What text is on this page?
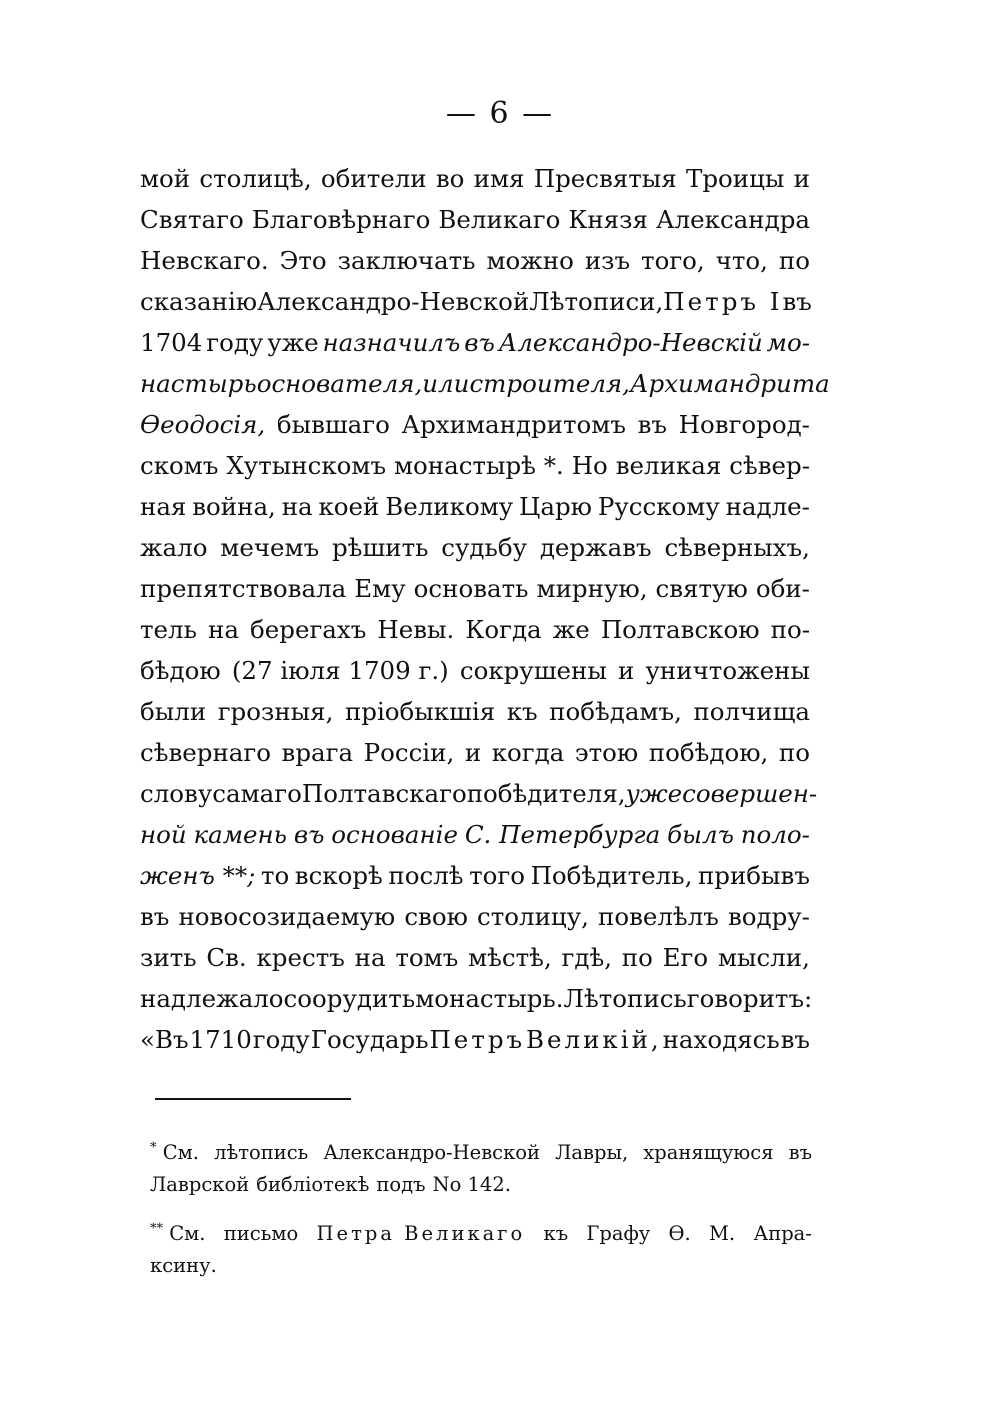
— 6 —
мой столицѣ, обители во имя Пресвятыя Троицы и
Святаго Благовѣрнаго Великаго Князя Александра
Невскаго. Это заключать можно изъ того, что, по
сказанію Александро-Невской Лѣтописи, Петръ I въ
1704 году уже назначилъ въ Александро-Невскій мо-
настырь основателя, или строителя, Архимандрита
Ѳеодосія, бывшаго Архимандритомъ въ Новгород-
скомъ Хутынскомъ монастырѣ *. Но великая сѣвер-
ная война, на коей Великому Царю Русскому надле-
жало мечемъ рѣшить судьбу державъ сѣверныхъ,
препятствовала Ему основать мирную, святую оби-
тель на берегахъ Невы. Когда же Полтавскою по-
бѣдою (27 іюля 1709 г.) сокрушены и уничтожены
были грозныя, пріобыкшія къ побѣдамъ, полчища
сѣвернаго врага Россіи, и когда этою побѣдою, по
слову самаго Полтавскаго побѣдителя, уже совершен-
ной камень въ основаніе С. Петербурга былъ поло-
женъ **; то вскорѣ послѣ того Побѣдитель, прибывъ
въ новосозидаемую свою столицу, повелѣлъ водру-
зить Св. крестъ на томъ мѣстѣ, гдѣ, по Его мысли,
надлежало соорудить монастырь. Лѣтопись говоритъ:
«Въ 1710 году Государь Петръ Великій, находясь въ
* См. лѣтопись Александро-Невской Лавры, хранящуюся въ
Лаврской библіотекѣ подъ No 142.
** См. письмо Петра Великаго къ Графу Ѳ. М. Апра-
ксину.
